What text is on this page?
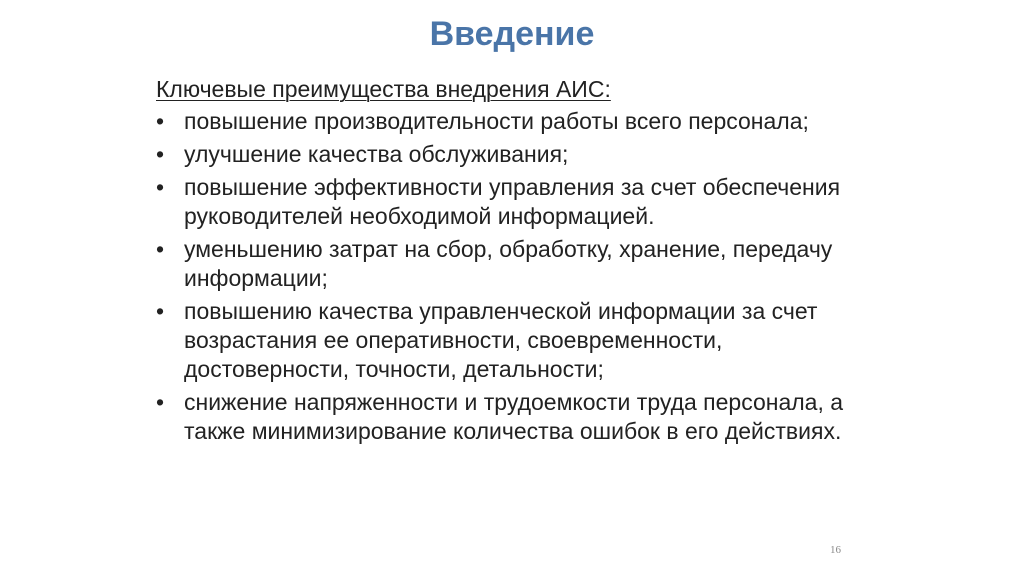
Введение
Ключевые преимущества внедрения АИС:
• повышение производительности работы всего персонала;
• улучшение качества обслуживания;
• повышение эффективности управления за счет обеспечения руководителей необходимой информацией.
• уменьшению затрат на сбор, обработку, хранение, передачу информации;
• повышению качества управленческой информации за счет возрастания ее оперативности, своевременности, достоверности, точности, детальности;
• снижение напряженности и трудоемкости труда персонала, а также минимизирование количества ошибок в его действиях.
16
